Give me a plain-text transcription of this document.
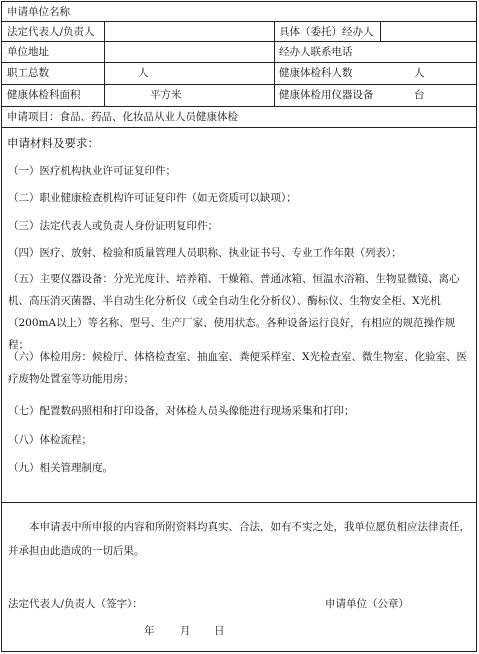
申请单位名称
法定代表人/负责人	具体（委托）经办人
单位地址	经办人联系电话
职工总数	人	健康体检科人数	人
健康体检科面积	平方米	健康体检用仪器设备	台
申请项目：食品、药品、化妆品从业人员健康体检
申请材料及要求：
（一）医疗机构执业许可证复印件；
（二）职业健康检查机构许可证复印件（如无资质可以缺项）；
（三）法定代表人或负责人身份证明复印件；
（四）医疗、放射、检验和质量管理人员职称、执业证书号、专业工作年限（列表）；
（五）主要仪器设备：分光光度计、培养箱、干燥箱、普通冰箱、恒温水浴箱、生物显微镜、离心机、高压消灭菌器、半自动生化分析仪（或全自动生化分析仪）、酶标仪、生物安全柜、X光机（200mA以上）等名称、型号、生产厂家、使用状态。各种设备运行良好，有相应的规范操作规程；
（六）体检用房：候检厅、体格检查室、抽血室、粪便采样室、X光检查室、微生物室、化验室、医疗废物处置室等功能用房；
（七）配置数码照相和打印设备，对体检人员头像能进行现场采集和打印；
（八）体检流程；
（九）相关管理制度。
本申请表中所申报的内容和所附资料均真实、合法，如有不实之处，我单位愿负相应法律责任，并承担由此造成的一切后果。
法定代表人/负责人（签字）：	申请单位（公章）
年 月 日
